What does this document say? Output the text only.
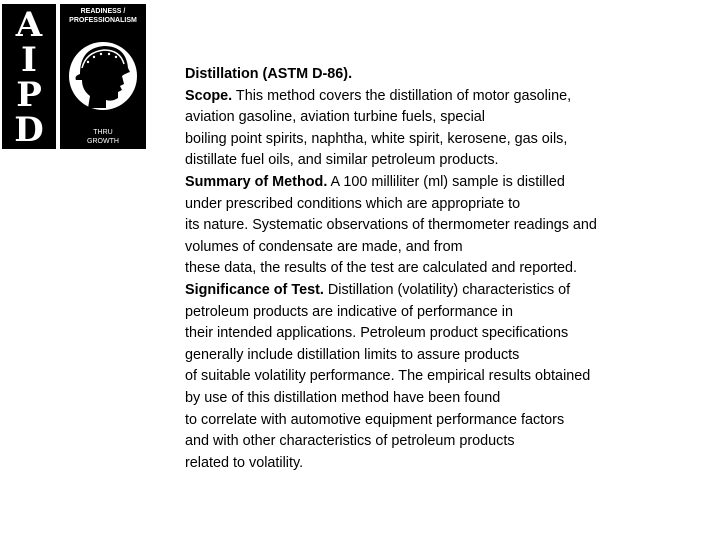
A
I
P
D
READINESS /
PROFESSIONALISM
THRU
GROWTH
Distillation (ASTM D-86).
Scope. This method covers the distillation of motor gasoline,
aviation gasoline, aviation turbine fuels, special
boiling point spirits, naphtha, white spirit, kerosene, gas oils,
distillate fuel oils, and similar petroleum products.
Summary of Method. A 100 milliliter (ml) sample is distilled
under prescribed conditions which are appropriate to
its nature. Systematic observations of thermometer readings and
volumes of condensate are made, and from
these data, the results of the test are calculated and reported.
Significance of Test. Distillation (volatility) characteristics of
petroleum products are indicative of performance in
their intended applications. Petroleum product specifications
generally include distillation limits to assure products
of suitable volatility performance. The empirical results obtained
by use of this distillation method have been found
to correlate with automotive equipment performance factors
and with other characteristics of petroleum products
related to volatility.
